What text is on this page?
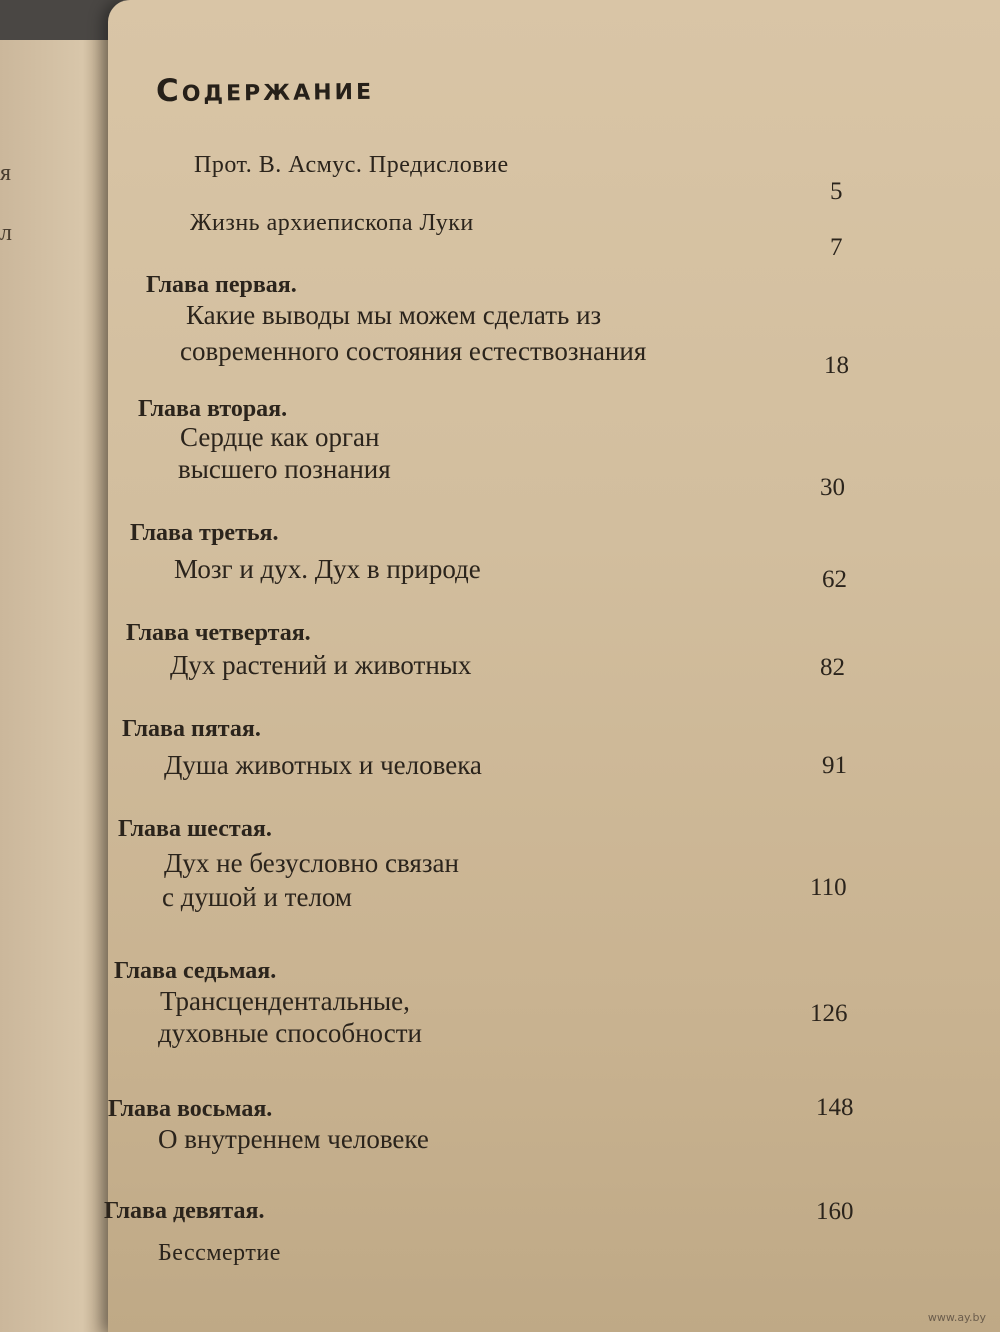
я
л
Содержание
Прот. В. Асмус. Предисловие
5
Жизнь архиепископа Луки
7
Глава первая.
Какие выводы мы можем сделать из
современного состояния естествознания	18
Глава вторая.
Сердце как орган
высшего познания
30
Глава третья.
Мозг и дух. Дух в природе	62
Глава четвертая.
Дух растений и животных	82
Глава пятая.
Душа животных и человека	91
Глава шестая.
Дух не безусловно связан
с душой и телом	110
Глава седьмая.
Трансцендентальные,
духовные способности
126
Глава восьмая.
О внутреннем человеке
148
Глава девятая.
Бессмертие
160
www.ay.by
